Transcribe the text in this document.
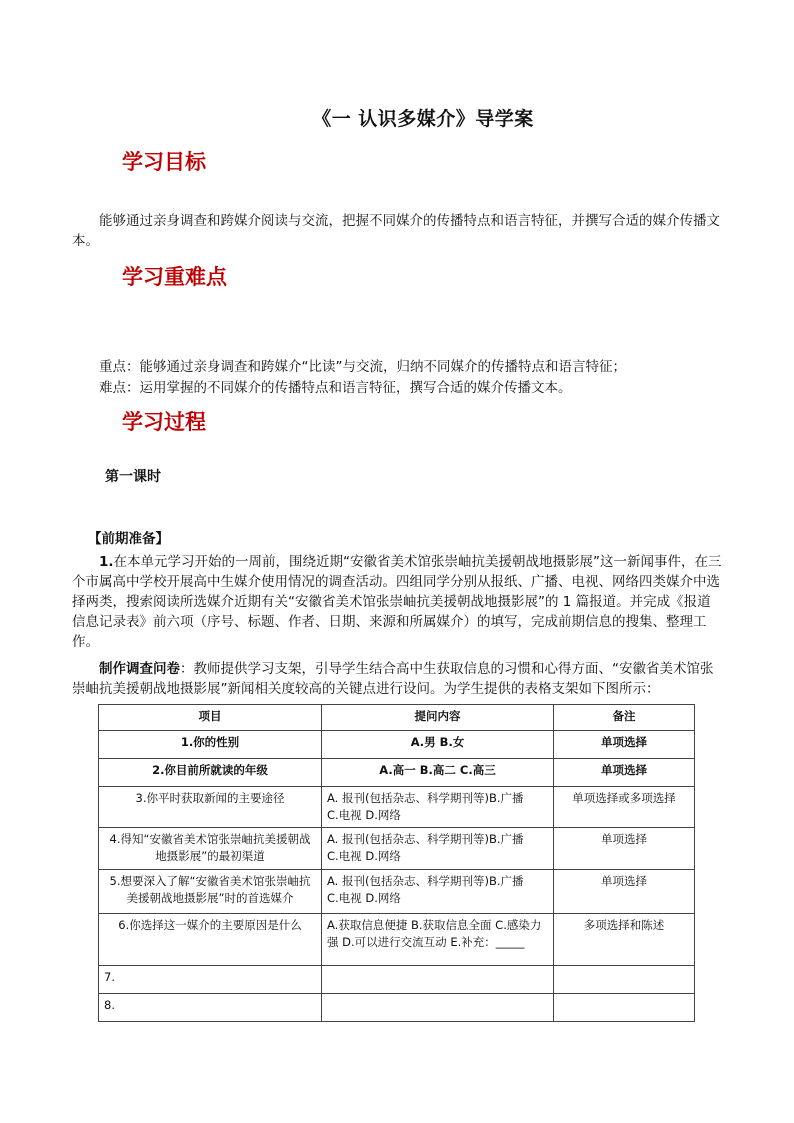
《一 认识多媒介》导学案
学习目标
能够通过亲身调查和跨媒介阅读与交流，把握不同媒介的传播特点和语言特征，并撰写合适的媒介传播文本。
学习重难点
重点：能够通过亲身调查和跨媒介“比读”与交流，归纳不同媒介的传播特点和语言特征；
难点：运用掌握的不同媒介的传播特点和语言特征，撰写合适的媒介传播文本。
学习过程
第一课时
【前期准备】
1.在本单元学习开始的一周前，围绕近期“安徽省美术馆张崇岫抗美援朝战地摄影展”这一新闻事件，在三个市属高中学校开展高中生媒介使用情况的调查活动。四组同学分别从报纸、广播、电视、网络四类媒介中选择两类，搜索阅读所选媒介近期有关“安徽省美术馆张崇岫抗美援朝战地摄影展”的 1 篇报道。并完成《报道信息记录表》前六项（序号、标题、作者、日期、来源和所属媒介）的填写，完成前期信息的搜集、整理工作。
制作调查问卷：教师提供学习支架，引导学生结合高中生获取信息的习惯和心得方面、“安徽省美术馆张崇岫抗美援朝战地摄影展”新闻相关度较高的关键点进行设问。为学生提供的表格支架如下图所示：
项目	提问内容	备注
1.你的性别	A.男 B.女	单项选择
2.你目前所就读的年级	A.高一 B.高二 C.高三	单项选择
3.你平时获取新闻的主要途径	A. 报刊(包括杂志、科学期刊等)B.广播
C.电视 D.网络	单项选择或多项选择
4.得知“安徽省美术馆张崇岫抗美援朝战地摄影展”的最初渠道	A. 报刊(包括杂志、科学期刊等)B.广播
C.电视 D.网络	单项选择
5.想要深入了解“安徽省美术馆张崇岫抗美援朝战地摄影展”时的首选媒介	A. 报刊(包括杂志、科学期刊等)B.广播
C.电视 D.网络	单项选择
6.你选择这一媒介的主要原因是什么	A.获取信息便捷 B.获取信息全面 C.感染力强 D.可以进行交流互动 E.补充：_____	多项选择和陈述
7.		
8.		
